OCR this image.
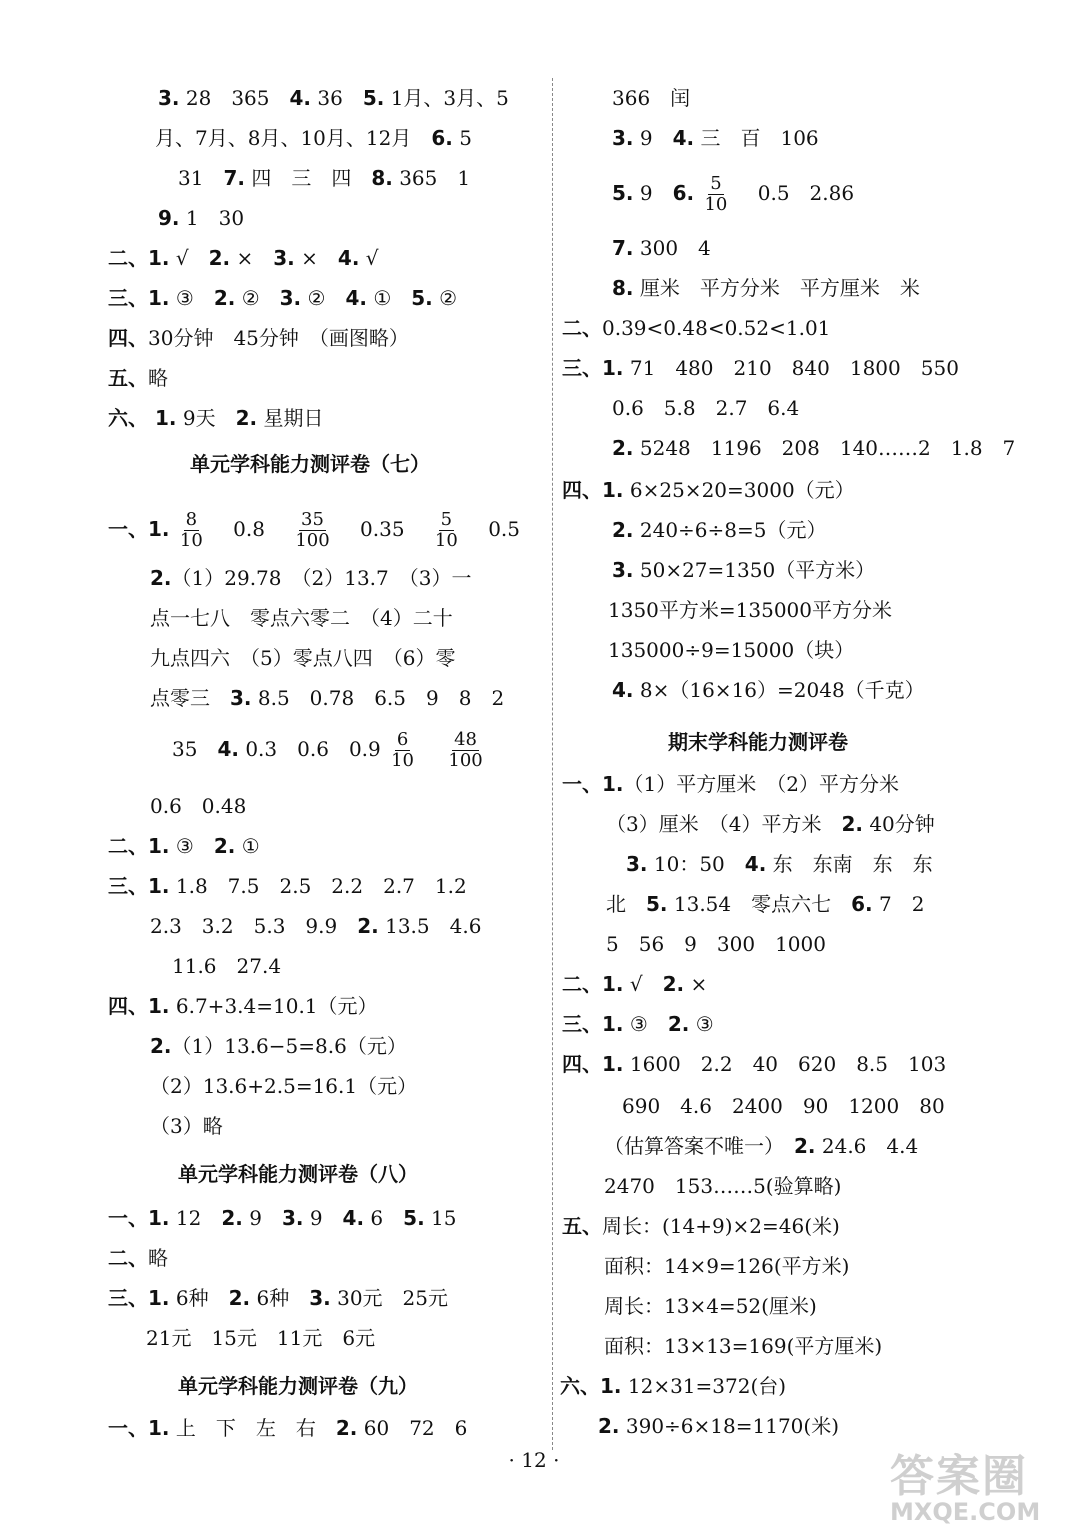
3. 28　365　 4. 36　 5. 1月、3月、5
月、7月、8月、10月、12月　 6. 5
31　 7. 四　三　四　 8. 365　1
9. 1　30
二、1. √　 2. ×　 3. ×　 4. √
三、1. ③　 2. ②　 3. ②　 4. ①　 5. ②
四、30分钟　45分钟　（画图略）
五、略
六、 1. 9天　 2. 星期日
单元学科能力测评卷（七）
一、1. $\frac{8}{10}$
　 0.8　 $\frac{35}{100}$
　 0.35　 $\frac{5}{10}$
　 0.5
2.（1）29.78　（2）13.7　（3）一
点一七八　零点六零二　（4）二十
九点四六　（5）零点八四　（6）零
点零三　 3. 8.5　0.78　6.5　9　8　2
35　 4. 0.3　0.6　$0.9 \frac{6}{10}$
　 $\frac{48}{100}$
0.6　0.48
二、1. ③　 2. ①
三、1. 1.8　7.5　2.5　2.2　2.7　1.2
2.3　3.2　5.3　9.9　 2. 13.5　4.6
11.6　27.4
四、1. 6.7+3.4=10.1（元）
2.（1）13.6−5=8.6（元）
（2）13.6+2.5=16.1（元）
（3）略
单元学科能力测评卷（八）
一、1. 12　 2. 9　 3. 9　 4. 6　 5. 15
二、略
三、1. 6种　 2. 6种　 3. 30元　25元
21元　15元　11元　6元
单元学科能力测评卷（九）
一、1. 上　下　左　右　 2. 60　72　6
366　闰
3. 9　 4. 三　百　106
5. 9　 6. $\frac{5}{10}$
　 0.5　2.86
7. 300　4
8. 厘米　平方分米　平方厘米　米
二、0.39<0.48<0.52<1.01
三、1. 71　480　210　840　1800　550
0.6　5.8　2.7　6.4
2. 5248　1196　208　140……2　1.8　7
四、1. 6×25×20=3000（元）
2. 240÷6÷8=5（元）
3. 50×27=1350（平方米）
1350平方米=135000平方分米
135000÷9=15000（块）
4. 8×（16×16）=2048（千克）
期末学科能力测评卷
一、1.（1）平方厘米　（2）平方分米
（3）厘米　（4）平方米　 2. 40分钟
3. 10：50　 4. 东　东南　东　东
北　 5. 13.54　零点六七　 6. 7　2
5　56　9　300　1000
二、1. √　 2. ×
三、1. ③　 2. ③
四、1. 1600　2.2　40　620　8.5　103
690　4.6　2400　90　1200　80
（估算答案不唯一）　 2. 24.6　4.4
2470　153……5(验算略)
五、周长：(14+9)×2=46(米)
面积：14×9=126(平方米)
周长：13×4=52(厘米)
面积：13×13=169(平方厘米)
六、1. 12×31=372(台)
2. 390÷6×18=1170(米)
· 12 ·	答案圈
MXQE.COM
